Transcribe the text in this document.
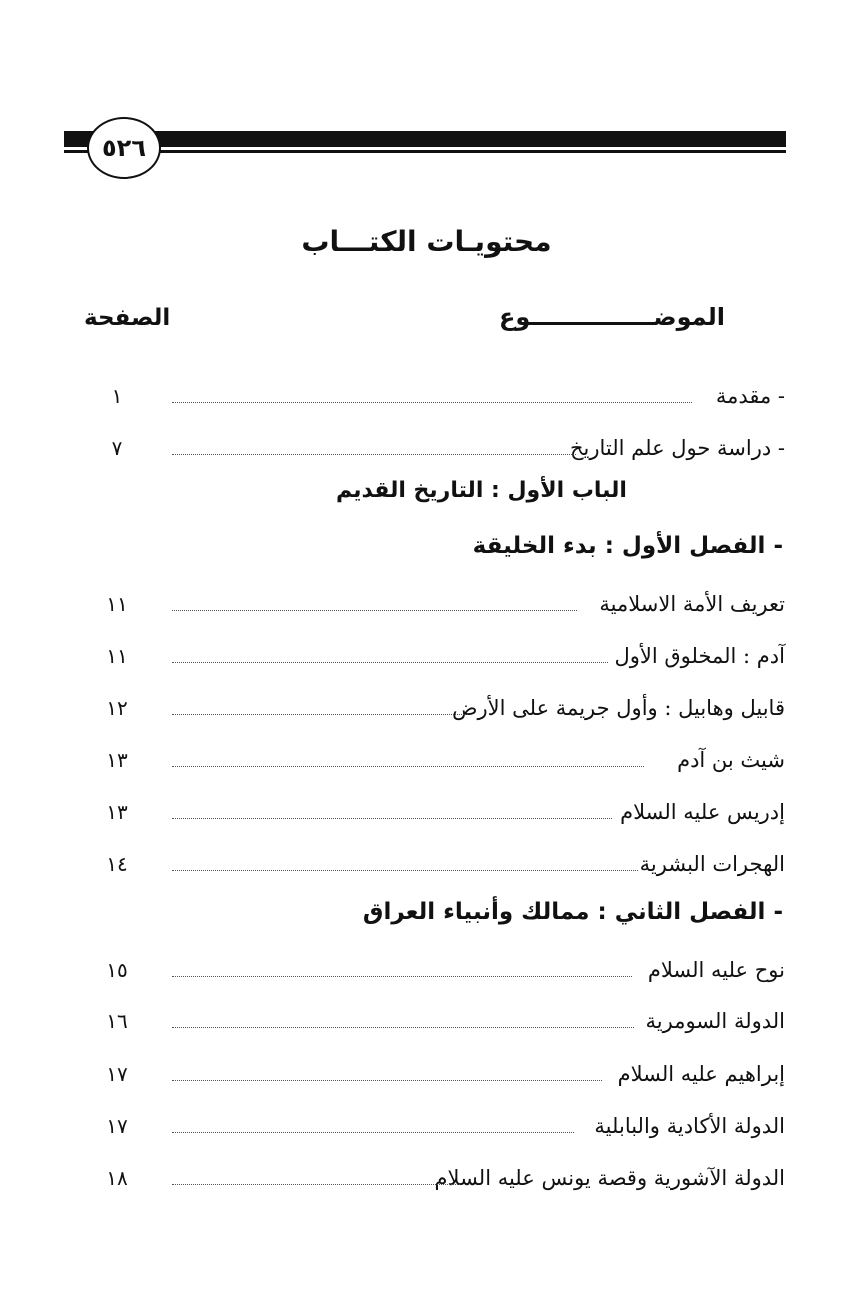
٥٢٦
محتويـات الكتـــاب
الموضـــــــــــــــوع
الصفحة
- مقدمة
١
- دراسة حول علم التاريخ
٧
الباب الأول : التاريخ القديم
- الفصل الأول : بدء الخليقة
تعريف الأمة الاسلامية
١١
آدم : المخلوق الأول
١١
قابيل وهابيل : وأول جريمة على الأرض
١٢
شيث بن آدم
١٣
إدريس عليه السلام
١٣
الهجرات البشرية
١٤
- الفصل الثاني : ممالك وأنبياء العراق
نوح عليه السلام
١٥
الدولة السومرية
١٦
إبراهيم عليه السلام
١٧
الدولة الأكادية والبابلية
١٧
الدولة الآشورية وقصة يونس عليه السلام
١٨
